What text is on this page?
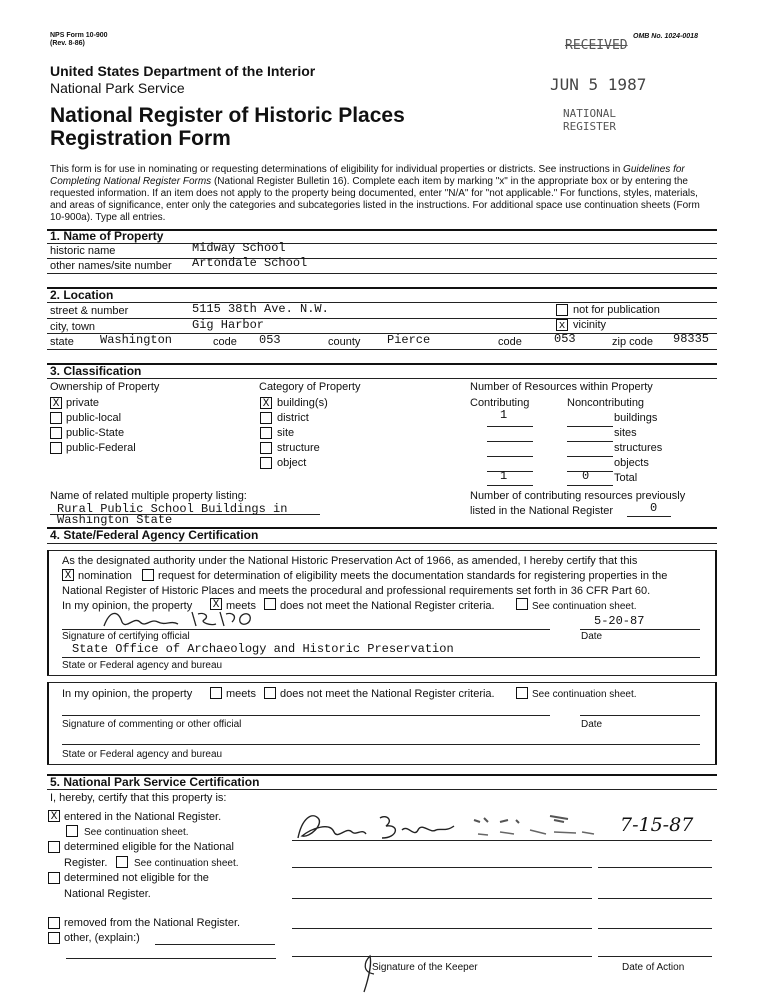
NPS Form 10-900
(Rev. 8-86)
OMB No. 1024-0018
United States Department of the Interior
National Park Service
National Register of Historic Places
Registration Form
RECEIVED
JUN 5 1987
NATIONAL
REGISTER
This form is for use in nominating or requesting determinations of eligibility for individual properties or districts. See instructions in Guidelines for Completing National Register Forms (National Register Bulletin 16). Complete each item by marking "x" in the appropriate box or by entering the requested information. If an item does not apply to the property being documented, enter "N/A" for "not applicable." For functions, styles, materials, and areas of significance, enter only the categories and subcategories listed in the instructions. For additional space use continuation sheets (Form 10-900a). Type all entries.
1. Name of Property
historic name	Midway School
other names/site number Artondale School
2. Location
street & number	5115 38th Ave. N.W.	not for publication
city, town	Gig Harbor	x vicinity
state Washington	code 053	county Pierce	code	053	zip code 98335
3. Classification
Ownership of Property	Category of Property	Number of Resources within Property
X private
public-local
public-State
public-Federal
X building(s)
district
site
structure
object
Contributing	Noncontributing
1	buildings
sites
structures
objects
1	0 Total
Name of related multiple property listing:
Rural Public School Buildings in
Washington State
Number of contributing resources previously
listed in the National Register	0
4. State/Federal Agency Certification
As the designated authority under the National Historic Preservation Act of 1966, as amended, I hereby certify that this
X nomination request for determination of eligibility meets the documentation standards for registering properties in the
National Register of Historic Places and meets the procedural and professional requirements set forth in 36 CFR Part 60.
In my opinion, the property X meets does not meet the National Register criteria.	See continuation sheet.
5-20-87
Signature of certifying official	Date
State Office of Archaeology and Historic Preservation
State or Federal agency and bureau
In my opinion, the property	meets does not meet the National Register criteria.	See continuation sheet.
Signature of commenting or other official	Date
State or Federal agency and bureau
5. National Park Service Certification
I, hereby, certify that this property is:
X entered in the National Register.
See continuation sheet.
determined eligible for the National
Register.	See continuation sheet.
determined not eligible for the
National Register.
removed from the National Register.
other, (explain:)
7-15-87
Signature of the Keeper	Date of Action
